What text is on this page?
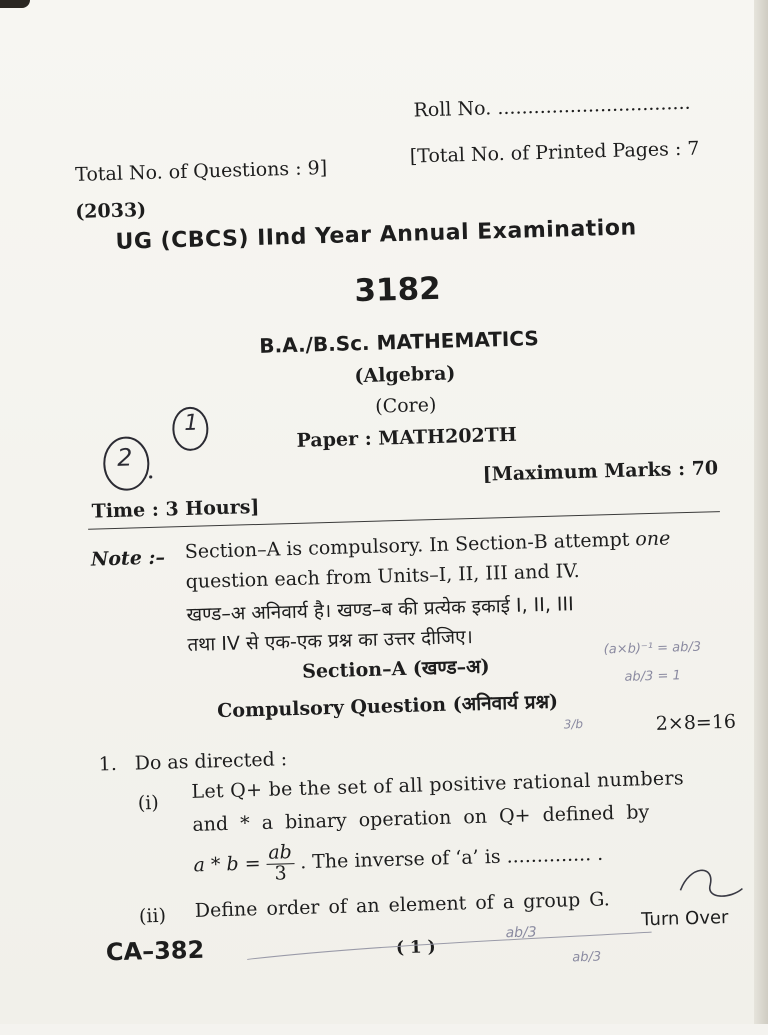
Roll No. ................................
Total No. of Questions : 9]
[Total No. of Printed Pages : 7
(2033)
UG (CBCS) IInd Year Annual Examination
3182
B.A./B.Sc. MATHEMATICS
(Algebra)
(Core)
Paper : MATH202TH
2
1
Time : 3 Hours]
[Maximum Marks : 70
Note :– Section–A is compulsory. In Section-B attempt one
question each from Units–I, II, III and IV.
खण्ड–अ अनिवार्य है। खण्ड–ब की प्रत्येक इकाई I, II, III
तथा IV से एक-एक प्रश्न का उत्तर दीजिए।
Section–A (खण्ड–अ)
Compulsory Question (अनिवार्य प्रश्न)
2×8=16
(a×b)⁻¹ = ab/3
ab/3 = 1
3/b
1. Do as directed :
(i)
Let Q+ be the set of all positive rational numbers
and * a binary operation on Q+ defined by
$a * b = \frac{ab}{3}$ . The inverse of ‘a’ is .............. .
(ii) Define order of an element of a group G.
CA–382	( 1 )
Turn Over
ab/3
ab/3
